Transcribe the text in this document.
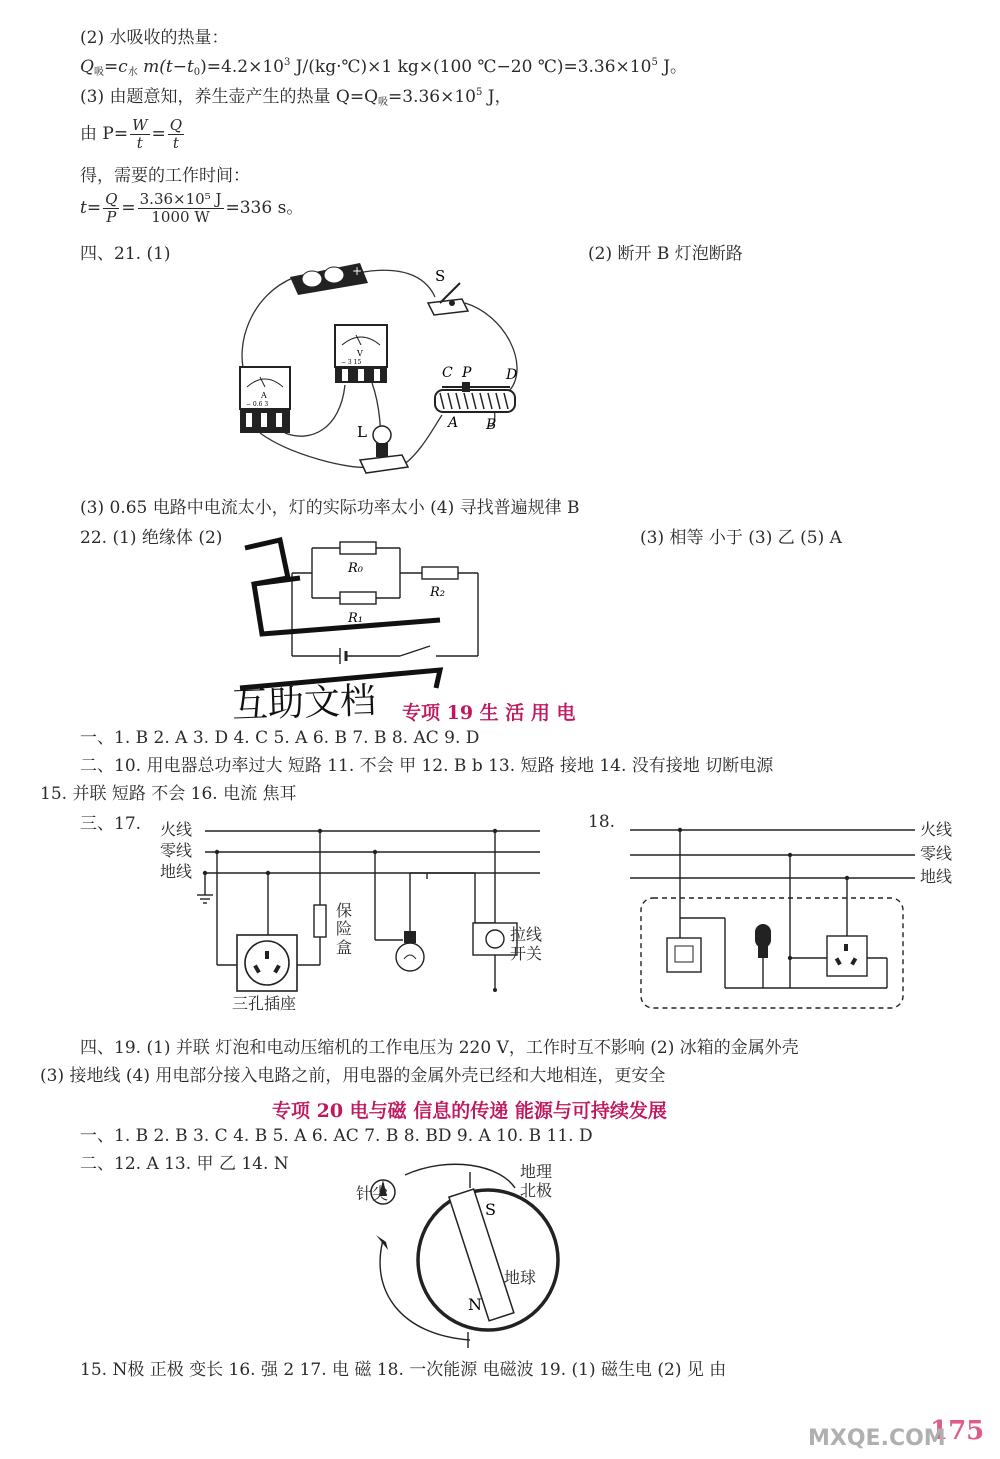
(2) 水吸收的热量：
$Q_吸=c_水$ $m(t-t_0)=4.2\times 10^3$ J/(kg·℃)×1 kg×(100 ℃−20 $℃)=3.36\times 10^5$ J。
(3) 由题意知，养生壶产生的热量 $Q=Q_吸=3.36\times 10^5$ J，
由 $P= \frac{W}{t} = \frac{Q}{t}$
得，需要的工作时间：
$t= \frac{Q}{P} = \frac{\text{3.36×10⁵ J}}{1000 W} =336$ s。
四、21. (1)	(2) 断开 B 灯泡断路
−	+	S
V
− 3 15
A
− 0.6 3
C P D
A B
L
(3) 0.65 电路中电流太小，灯的实际功率太小 (4) 寻找普遍规律 B
22. (1) 绝缘体 (2)	(3) 相等 小于 (3) 乙 (5) A
R₀
R₁
R₂
互助文档 专项 19 生 活 用 电
一、1. B 2. A 3. D 4. C 5. A 6. B 7. B 8. AC 9. D
二、10. 用电器总功率过大 短路 11. 不会 甲 12. B b 13. 短路 接地 14. 没有接地 切断电源
15. 并联 短路 不会 16. 电流 焦耳
三、17. 火线
零线
地线
保险盒
三孔插座
拉线开关
18.	火线
零线
地线
四、19. (1) 并联 灯泡和电动压缩机的工作电压为 220 V，工作时互不影响 (2) 冰箱的金属外壳
(3) 接地线 (4) 用电部分接入电路之前，用电器的金属外壳已经和大地相连，更安全
专项 20 电与磁 信息的传递 能源与可持续发展
一、1. B 2. B 3. C 4. B 5. A 6. AC 7. B 8. BD 9. A 10. B 11. D
二、12. A 13. 甲 乙 14. N
S
N
针尖
地理北极
地球
15. N极 正极 变长 16. 强 2 17. 电 磁 18. 一次能源 电磁波 19. (1) 磁生电 (2) 见 由
175
MXQE.COM
